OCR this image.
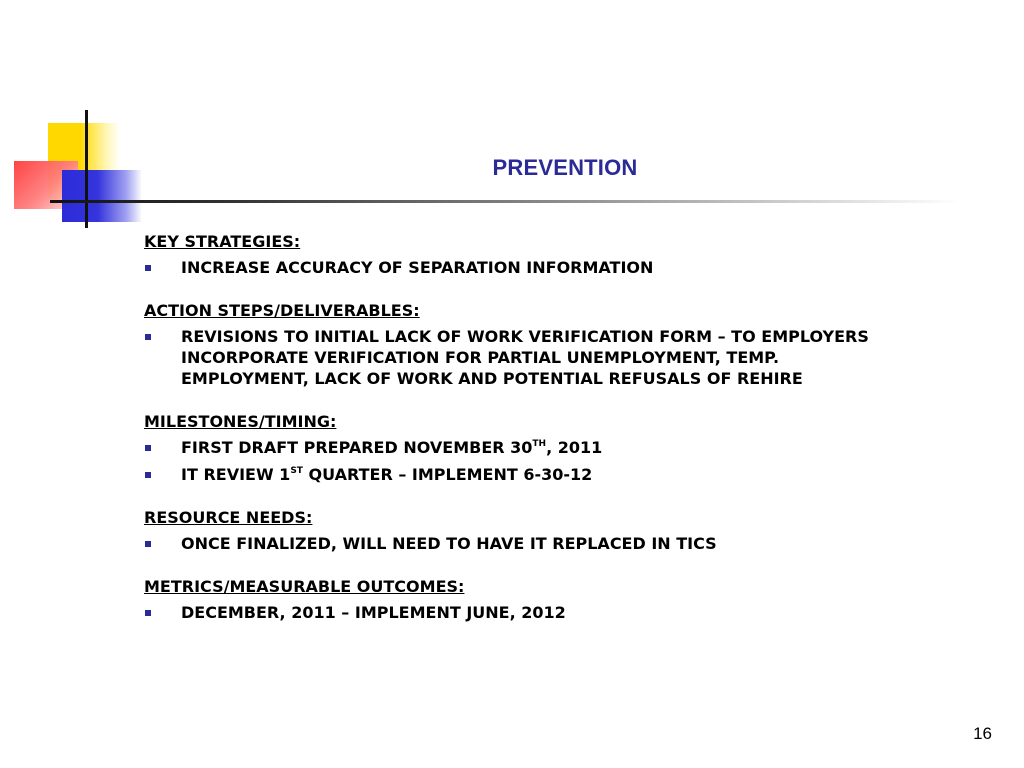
PREVENTION
KEY STRATEGIES:
INCREASE ACCURACY OF SEPARATION INFORMATION
ACTION STEPS/DELIVERABLES:
REVISIONS TO INITIAL LACK OF WORK VERIFICATION FORM – TO EMPLOYERS
INCORPORATE VERIFICATION FOR PARTIAL UNEMPLOYMENT, TEMP.
EMPLOYMENT, LACK OF WORK AND POTENTIAL REFUSALS OF REHIRE
MILESTONES/TIMING:
FIRST DRAFT PREPARED NOVEMBER 30TH, 2011
IT REVIEW 1ST QUARTER – IMPLEMENT 6-30-12
RESOURCE NEEDS:
ONCE FINALIZED, WILL NEED TO HAVE IT REPLACED IN TICS
METRICS/MEASURABLE OUTCOMES:
DECEMBER, 2011 – IMPLEMENT JUNE, 2012
16
